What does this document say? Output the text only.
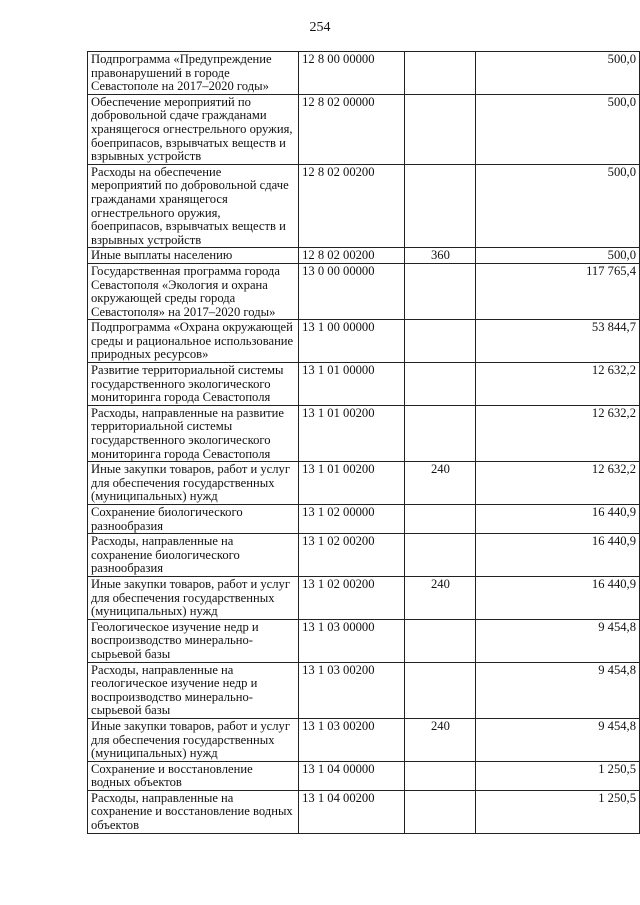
254
Подпрограмма «Предупреждение правонарушений в городе Севастополе на 2017–2020 годы»	12 8 00 00000		500,0
Обеспечение мероприятий по добровольной сдаче гражданами хранящегося огнестрельного оружия, боеприпасов, взрывчатых веществ и взрывных устройств	12 8 02 00000		500,0
Расходы на обеспечение мероприятий по добровольной сдаче гражданами хранящегося огнестрельного оружия, боеприпасов, взрывчатых веществ и взрывных устройств	12 8 02 00200		500,0
Иные выплаты населению	12 8 02 00200	360	500,0
Государственная программа города Севастополя «Экология и охрана окружающей среды города Севастополя» на 2017–2020 годы»	13 0 00 00000		117 765,4
Подпрограмма «Охрана окружающей среды и рациональное использование природных ресурсов»	13 1 00 00000		53 844,7
Развитие территориальной системы государственного экологического мониторинга города Севастополя	13 1 01 00000		12 632,2
Расходы, направленные на развитие территориальной системы государственного экологического мониторинга города Севастополя	13 1 01 00200		12 632,2
Иные закупки товаров, работ и услуг для обеспечения государственных (муниципальных) нужд	13 1 01 00200	240	12 632,2
Сохранение биологического разнообразия	13 1 02 00000		16 440,9
Расходы, направленные на сохранение биологического разнообразия	13 1 02 00200		16 440,9
Иные закупки товаров, работ и услуг для обеспечения государственных (муниципальных) нужд	13 1 02 00200	240	16 440,9
Геологическое изучение недр и воспроизводство минерально-сырьевой базы	13 1 03 00000		9 454,8
Расходы, направленные на геологическое изучение недр и воспроизводство минерально-сырьевой базы	13 1 03 00200		9 454,8
Иные закупки товаров, работ и услуг для обеспечения государственных (муниципальных) нужд	13 1 03 00200	240	9 454,8
Сохранение и восстановление водных объектов	13 1 04 00000		1 250,5
Расходы, направленные на сохранение и восстановление водных объектов	13 1 04 00200		1 250,5
